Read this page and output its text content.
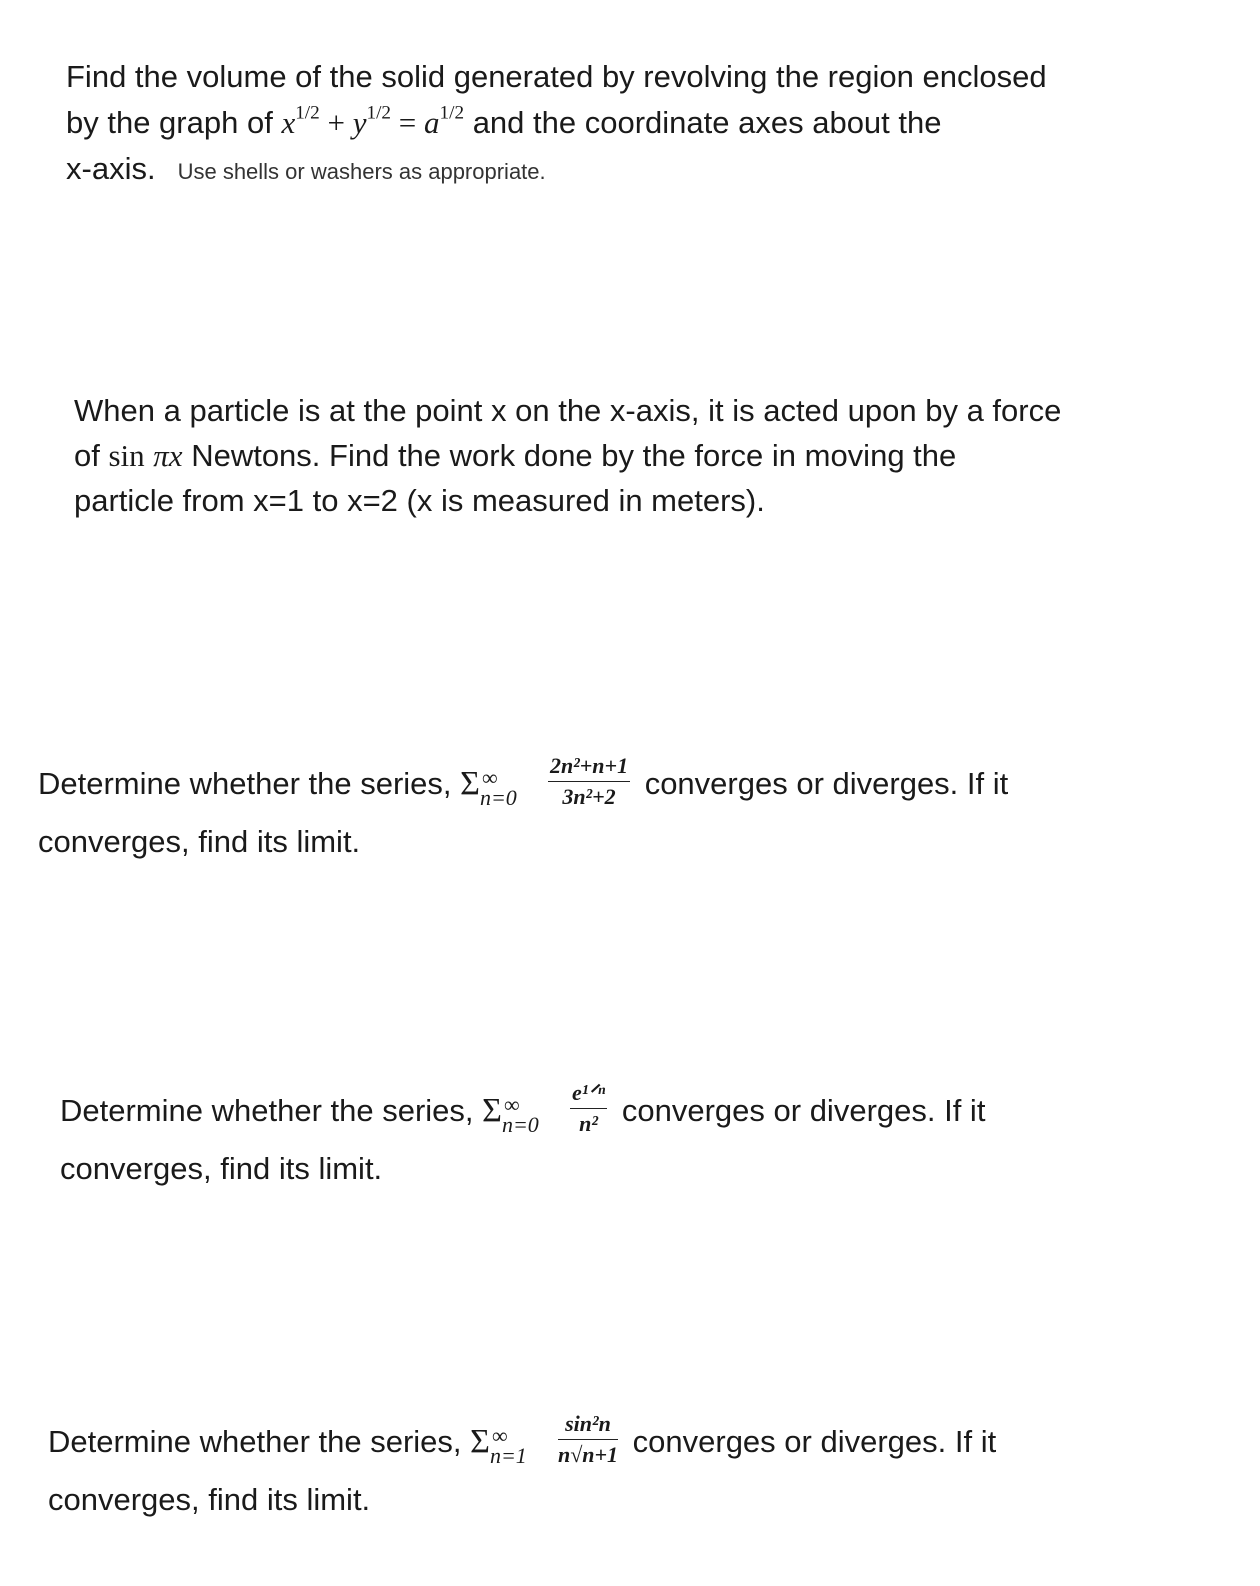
Find the volume of the solid generated by revolving the region enclosed
by the graph of $x^{1/2} + y^{1/2} = a^{1/2}$ and the coordinate axes about the
x-axis. Use shells or washers as appropriate.
When a particle is at the point x on the x-axis, it is acted upon by a force
of sin πx Newtons. Find the work done by the force in moving the
particle from x=1 to x=2 (x is measured in meters).
Determine whether the series, Σ ∞
$n=0 \frac{\text{2n²+n+1}}{\text{3n²+2}}$ converges or diverges. If it
converges, find its limit.
Determine whether the series, Σ ∞
$n=0 \frac{\text{e¹ᐟⁿ}}{\text{n²}}$ converges or diverges. If it
converges, find its limit.
Determine whether the series, Σ ∞
$n=1 \frac{\text{sin²n}}{n√n+1}$ converges or diverges. If it
converges, find its limit.
